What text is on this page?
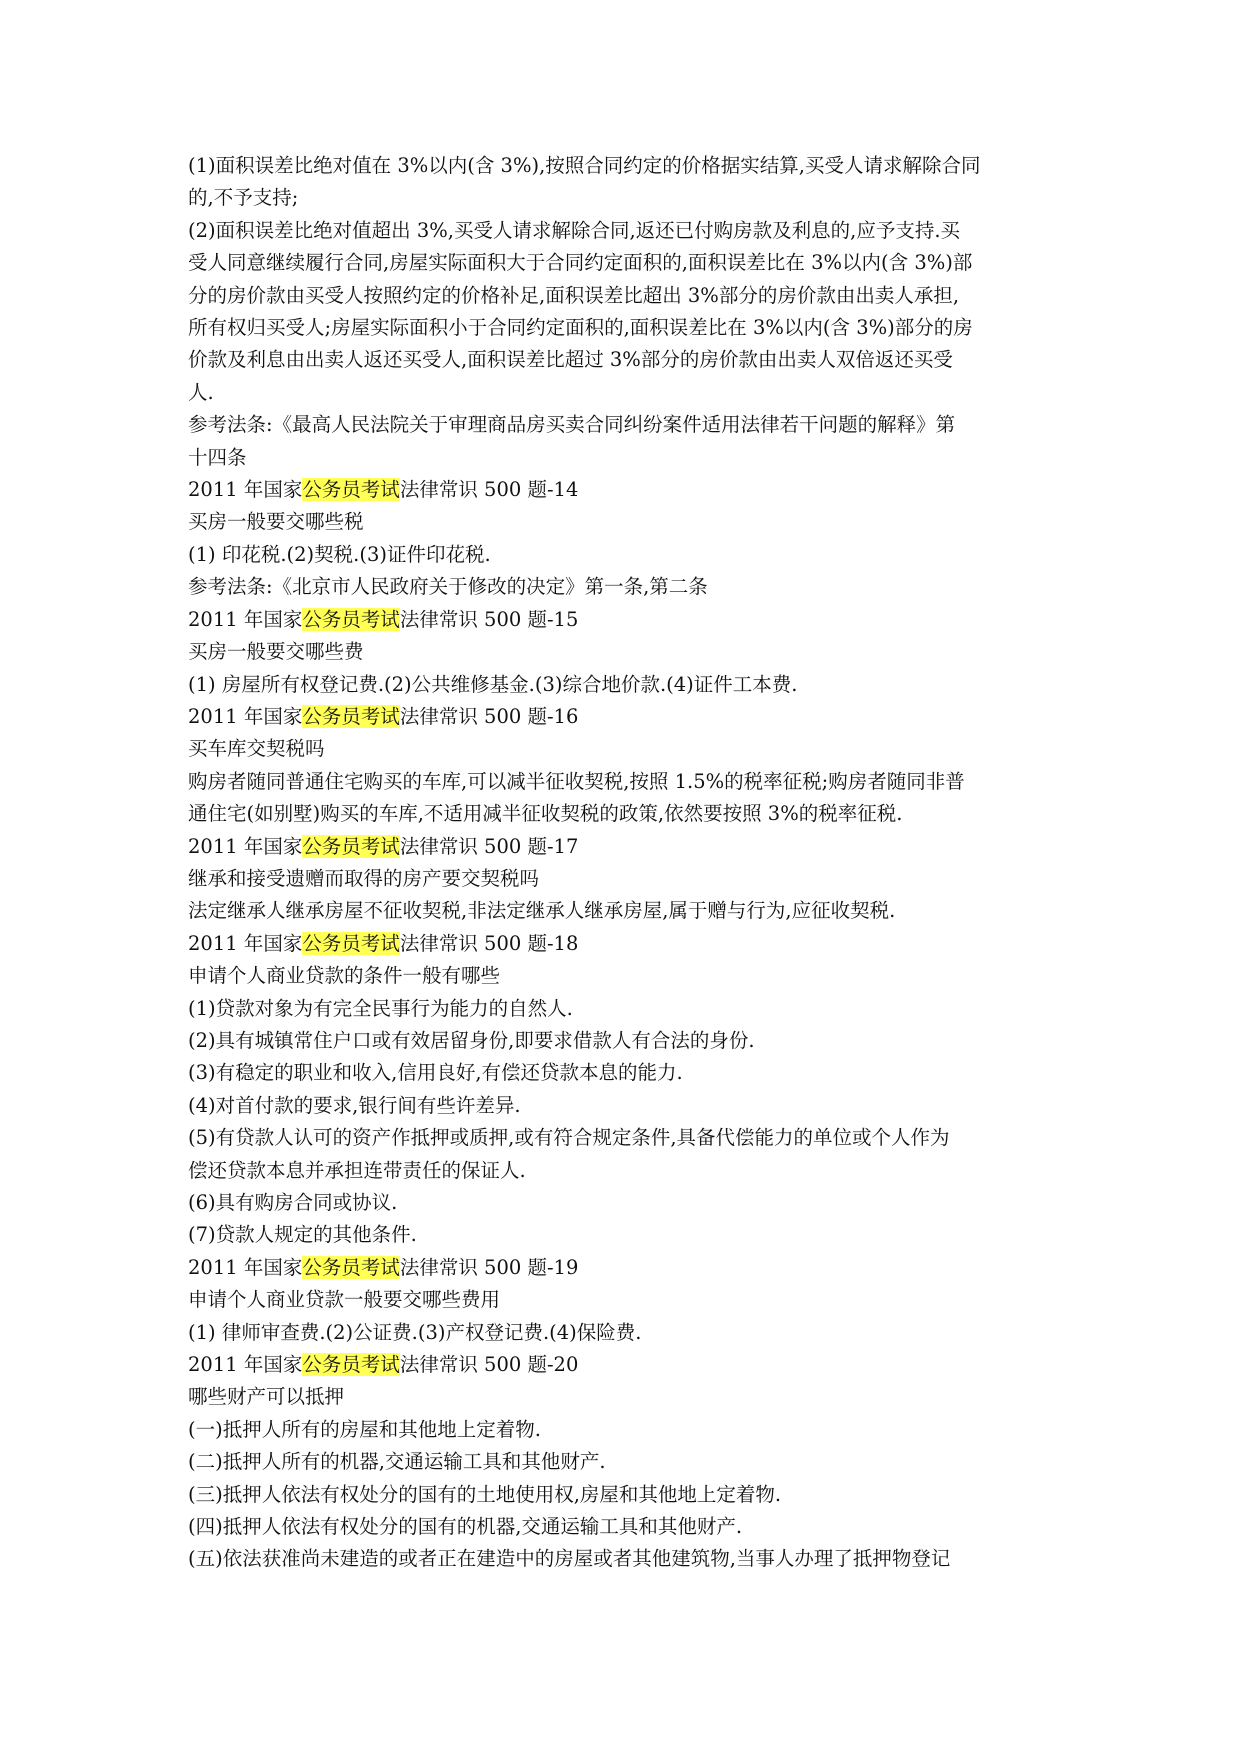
(1)面积误差比绝对值在 3%以内(含 3%),按照合同约定的价格据实结算,买受人请求解除合同
的,不予支持;
(2)面积误差比绝对值超出 3%,买受人请求解除合同,返还已付购房款及利息的,应予支持.买
受人同意继续履行合同,房屋实际面积大于合同约定面积的,面积误差比在 3%以内(含 3%)部
分的房价款由买受人按照约定的价格补足,面积误差比超出 3%部分的房价款由出卖人承担,
所有权归买受人;房屋实际面积小于合同约定面积的,面积误差比在 3%以内(含 3%)部分的房
价款及利息由出卖人返还买受人,面积误差比超过 3%部分的房价款由出卖人双倍返还买受
人.
参考法条:《最高人民法院关于审理商品房买卖合同纠纷案件适用法律若干问题的解释》第
十四条
2011 年国家公务员考试法律常识 500 题-14
买房一般要交哪些税
(1) 印花税.(2)契税.(3)证件印花税.
参考法条:《北京市人民政府关于修改的决定》第一条,第二条
2011 年国家公务员考试法律常识 500 题-15
买房一般要交哪些费
(1) 房屋所有权登记费.(2)公共维修基金.(3)综合地价款.(4)证件工本费.
2011 年国家公务员考试法律常识 500 题-16
买车库交契税吗
购房者随同普通住宅购买的车库,可以减半征收契税,按照 1.5%的税率征税;购房者随同非普
通住宅(如别墅)购买的车库,不适用减半征收契税的政策,依然要按照 3%的税率征税.
2011 年国家公务员考试法律常识 500 题-17
继承和接受遗赠而取得的房产要交契税吗
法定继承人继承房屋不征收契税,非法定继承人继承房屋,属于赠与行为,应征收契税.
2011 年国家公务员考试法律常识 500 题-18
申请个人商业贷款的条件一般有哪些
(1)贷款对象为有完全民事行为能力的自然人.
(2)具有城镇常住户口或有效居留身份,即要求借款人有合法的身份.
(3)有稳定的职业和收入,信用良好,有偿还贷款本息的能力.
(4)对首付款的要求,银行间有些许差异.
(5)有贷款人认可的资产作抵押或质押,或有符合规定条件,具备代偿能力的单位或个人作为
偿还贷款本息并承担连带责任的保证人.
(6)具有购房合同或协议.
(7)贷款人规定的其他条件.
2011 年国家公务员考试法律常识 500 题-19
申请个人商业贷款一般要交哪些费用
(1) 律师审查费.(2)公证费.(3)产权登记费.(4)保险费.
2011 年国家公务员考试法律常识 500 题-20
哪些财产可以抵押
(一)抵押人所有的房屋和其他地上定着物.
(二)抵押人所有的机器,交通运输工具和其他财产.
(三)抵押人依法有权处分的国有的土地使用权,房屋和其他地上定着物.
(四)抵押人依法有权处分的国有的机器,交通运输工具和其他财产.
(五)依法获准尚未建造的或者正在建造中的房屋或者其他建筑物,当事人办理了抵押物登记
